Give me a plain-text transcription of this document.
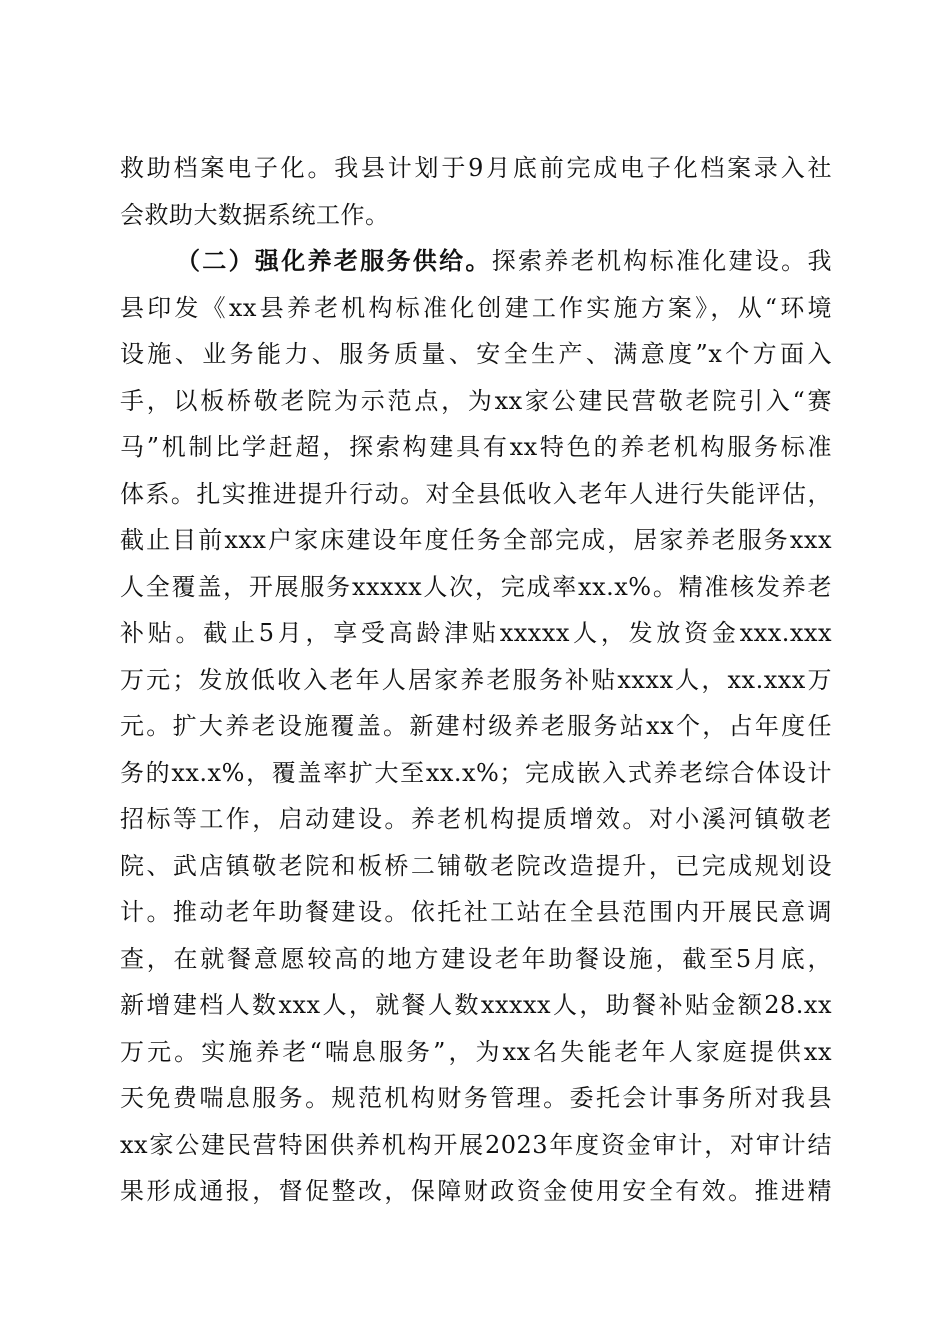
救助档案电子化。我县计划于9月底前完成电子化档案录入社
会救助大数据系统工作。
（二）强化养老服务供给。探索养老机构标准化建设。我
县印发《xx县养老机构标准化创建工作实施方案》，从“环境
设施、业务能力、服务质量、安全生产、满意度”x个方面入
手，以板桥敬老院为示范点，为xx家公建民营敬老院引入“赛
马”机制比学赶超，探索构建具有xx特色的养老机构服务标准
体系。扎实推进提升行动。对全县低收入老年人进行失能评估，
截止目前xxx户家床建设年度任务全部完成，居家养老服务xxx
人全覆盖，开展服务xxxxx人次，完成率xx.x%。精准核发养老
补贴。截止5月，享受高龄津贴xxxxx人，发放资金xxx.xxx
万元；发放低收入老年人居家养老服务补贴xxxx人，xx.xxx万
元。扩大养老设施覆盖。新建村级养老服务站xx个，占年度任
务的xx.x%，覆盖率扩大至xx.x%；完成嵌入式养老综合体设计
招标等工作，启动建设。养老机构提质增效。对小溪河镇敬老
院、武店镇敬老院和板桥二铺敬老院改造提升，已完成规划设
计。推动老年助餐建设。依托社工站在全县范围内开展民意调
查，在就餐意愿较高的地方建设老年助餐设施，截至5月底，
新增建档人数xxx人，就餐人数xxxxx人，助餐补贴金额28.xx
万元。实施养老“喘息服务”，为xx名失能老年人家庭提供xx
天免费喘息服务。规范机构财务管理。委托会计事务所对我县
xx家公建民营特困供养机构开展2023年度资金审计，对审计结
果形成通报，督促整改，保障财政资金使用安全有效。推进精
